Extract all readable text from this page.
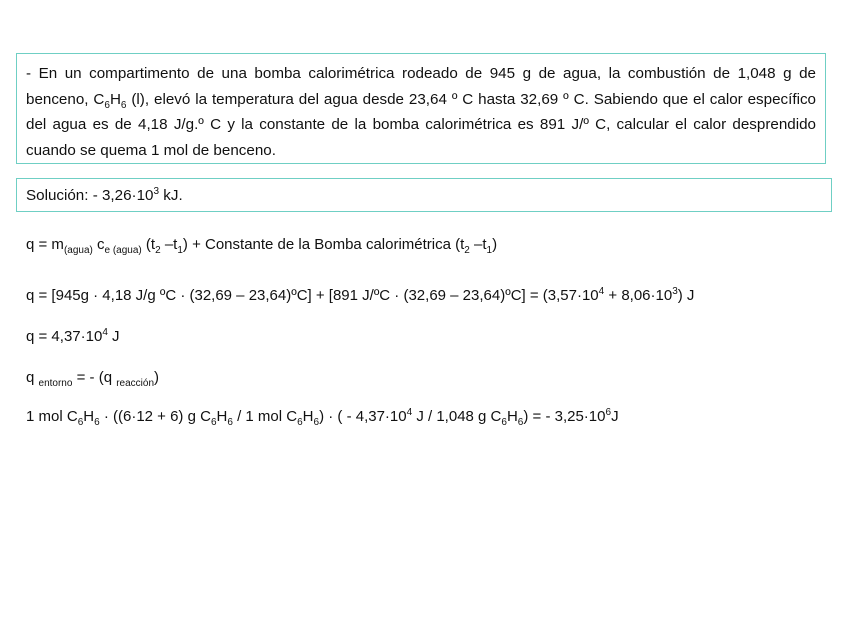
- En un compartimento de una bomba calorimétrica rodeado de 945 g de agua, la combustión de 1,048 g de benceno, $C_6H_6$ (l), elevó la temperatura del agua desde 23,64 º C hasta 32,69 º C. Sabiendo que el calor específico del agua es de 4,18 J/g.º C y la constante de la bomba calorimétrica es 891 J/º C, calcular el calor desprendido cuando se quema 1 mol de benceno.
Solución: - $3,26\cdot 10^3$ kJ.
$q = m_{(agua)}$ $c_{e (agua)}$ ($t_2$ $-t_1$) + Constante de la Bomba calorimétrica ($t_2$ $-t_1$)
q = [945g · 4,18 J/g ºC · (32,69 – 23,64)ºC] + [891 J/ºC · (32,69 – 23,64)ºC] = $(3,57\cdot 10^4 + 8,06\cdot 10^3)$ J
$q = 4,37\cdot 10^4$ J
q $_{entorno}$ = - (q $_{reacción}$)
1 mol $C_6H_6 \cdot ((6\cdot 12 + 6)$ g $C_6H_6 / 1$ mol $C_6H_6$) · ( - $4,37\cdot 10^4$ J / 1,048 g $C_6H_6$) = - $3,25\cdot 10^6J$
